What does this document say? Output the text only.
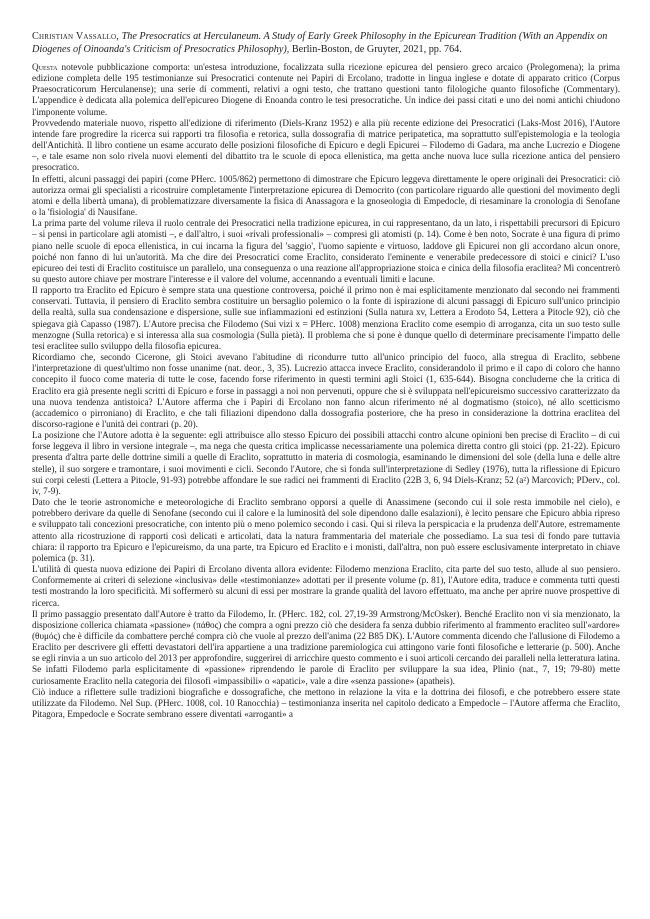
Christian Vassallo, The Presocratics at Herculaneum. A Study of Early Greek Philosophy in the Epicurean Tradition (With an Appendix on Diogenes of Oinoanda's Criticism of Presocratics Philosophy), Berlin-Boston, de Gruyter, 2021, pp. 764.

Questa notevole pubblicazione comporta: un'estesa introduzione, focalizzata sulla ricezione epicurea del pensiero greco arcaico (Prolegomena); la prima edizione completa delle 195 testimonianze sui Presocratici contenute nei Papiri di Ercolano, tradotte in lingua inglese e dotate di apparato critico (Corpus Praesocraticorum Herculanense); una serie di commenti, relativi a ogni testo, che trattano questioni tanto filologiche quanto filosofiche (Commentary). L'appendice è dedicata alla polemica dell'epicureo Diogene di Enoanda contro le tesi presocratiche. Un indice dei passi citati e uno dei nomi antichi chiudono l'imponente volume.

Provvedendo materiale nuovo, rispetto all'edizione di riferimento (Diels-Kranz 1952) e alla più recente edizione dei Presocratici (Laks-Most 2016), l'Autore intende fare progredire la ricerca sui rapporti tra filosofia e retorica, sulla dossografia di matrice peripatetica, ma soprattutto sull'epistemologia e la teologia dell'Antichità. Il libro contiene un esame accurato delle posizioni filosofiche di Epicuro e degli Epicurei – Filodemo di Gadara, ma anche Lucrezio e Diogene –, e tale esame non solo rivela nuovi elementi del dibattito tra le scuole di epoca ellenistica, ma getta anche nuova luce sulla ricezione antica del pensiero presocratico.

In effetti, alcuni passaggi dei papiri (come PHerc. 1005/862) permettono di dimostrare che Epicuro leggeva direttamente le opere originali dei Presocratici: ciò autorizza ormai gli specialisti a ricostruire completamente l'interpretazione epicurea di Democrito (con particolare riguardo alle questioni del movimento degli atomi e della libertà umana), di problematizzare diversamente la fisica di Anassagora e la gnoseologia di Empedocle, di riesaminare la cronologia di Senofane o la 'fisiologia' di Nausifane.

La prima parte del volume rileva il ruolo centrale dei Presocratici nella tradizione epicurea, in cui rappresentano, da un lato, i rispettabili precursori di Epicuro – si pensi in particolare agli atomisti –, e dall'altro, i suoi «rivali professionali» – compresi gli atomisti (p. 14). Come è ben noto, Socrate è una figura di primo piano nelle scuole di epoca ellenistica, in cui incarna la figura del 'saggio', l'uomo sapiente e virtuoso, laddove gli Epicurei non gli accordano alcun onore, poiché non fanno di lui un'autorità. Ma che dire dei Presocratici come Eraclito, considerato l'eminente e venerabile predecessore di stoici e cinici? L'uso epicureo dei testi di Eraclito costituisce un parallelo, una conseguenza o una reazione all'appropriazione stoica e cinica della filosofia eraclitea? Mi concentrerò su questo autore chiave per mostrare l'interesse e il valore del volume, accennando a eventuali limiti e lacune.

Il rapporto tra Eraclito ed Epicuro è sempre stata una questione controversa, poiché il primo non è mai esplicitamente menzionato dal secondo nei frammenti conservati. Tuttavia, il pensiero di Eraclito sembra costituire un bersaglio polemico o la fonte di ispirazione di alcuni passaggi di Epicuro sull'unico principio della realtà, sulla sua condensazione e dispersione, sulle sue infiammazioni ed estinzioni (Sulla natura xv, Lettera a Erodoto 54, Lettera a Pitocle 92), ciò che spiegava già Capasso (1987). L'Autore precisa che Filodemo (Sui vizi x = PHerc. 1008) menziona Eraclito come esempio di arroganza, cita un suo testo sulle menzogne (Sulla retorica) e si interessa alla sua cosmologia (Sulla pietà). Il problema che si pone è dunque quello di determinare precisamente l'impatto delle tesi eraclitee sullo sviluppo della filosofia epicurea.

Ricordiamo che, secondo Cicerone, gli Stoici avevano l'abitudine di ricondurre tutto all'unico principio del fuoco, alla stregua di Eraclito, sebbene l'interpretazione di quest'ultimo non fosse unanime (nat. deor., 3, 35). Lucrezio attacca invece Eraclito, considerandolo il primo e il capo di coloro che hanno concepito il fuoco come materia di tutte le cose, facendo forse riferimento in questi termini agli Stoici (1, 635-644). Bisogna concluderne che la critica di Eraclito era già presente negli scritti di Epicuro e forse in passaggi a noi non pervenuti, oppure che si è sviluppata nell'epicureismo successivo caratterizzato da una nuova tendenza antistoica? L'Autore afferma che i Papiri di Ercolano non fanno alcun riferimento né al dogmatismo (stoico), né allo scetticismo (accademico o pirroniano) di Eraclito, e che tali filiazioni dipendono dalla dossografia posteriore, che ha preso in considerazione la dottrina eraclitea del discorso-ragione e l'unità dei contrari (p. 20).

La posizione che l'Autore adotta è la seguente: egli attribuisce allo stesso Epicuro dei possibili attacchi contro alcune opinioni ben precise di Eraclito – di cui forse leggeva il libro in versione integrale –, ma nega che questa critica implicasse necessariamente una polemica diretta contro gli stoici (pp. 21-22). Epicuro presenta d'altra parte delle dottrine simili a quelle di Eraclito, soprattutto in materia di cosmologia, esaminando le dimensioni del sole (della luna e delle altre stelle), il suo sorgere e tramontare, i suoi movimenti e cicli. Secondo l'Autore, che si fonda sull'interpretazione di Sedley (1976), tutta la riflessione di Epicuro sui corpi celesti (Lettera a Pitocle, 91-93) potrebbe affondare le sue radici nei frammenti di Eraclito (22B 3, 6, 94 Diels-Kranz; 52 (a²) Marcovich; PDerv., col. iv, 7-9).

Dato che le teorie astronomiche e meteorologiche di Eraclito sembrano opporsi a quelle di Anassimene (secondo cui il sole resta immobile nel cielo), e potrebbero derivare da quelle di Senofane (secondo cui il calore e la luminosità del sole dipendono dalle esalazioni), è lecito pensare che Epicuro abbia ripreso e sviluppato tali concezioni presocratiche, con intento più o meno polemico secondo i casi. Qui si rileva la perspicacia e la prudenza dell'Autore, estremamente attento alla ricostruzione di rapporti così delicati e articolati, data la natura frammentaria del materiale che possediamo. La sua tesi di fondo pare tuttavia chiara: il rapporto tra Epicuro e l'epicureismo, da una parte, tra Epicuro ed Eraclito e i monisti, dall'altra, non può essere esclusivamente interpretato in chiave polemica (p. 31).

L'utilità di questa nuova edizione dei Papiri di Ercolano diventa allora evidente: Filodemo menziona Eraclito, cita parte del suo testo, allude al suo pensiero. Conformemente ai criteri di selezione «inclusiva» delle «testimonianze» adottati per il presente volume (p. 81), l'Autore edita, traduce e commenta tutti questi testi mostrando la loro specificità. Mi soffermerò su alcuni di essi per mostrare la grande qualità del lavoro effettuato, ma anche per aprire nuove prospettive di ricerca.

Il primo passaggio presentato dall'Autore è tratto da Filodemo, Ir. (PHerc. 182, col. 27,19-39 Armstrong/McOsker). Benché Eraclito non vi sia menzionato, la disposizione collerica chiamata «passione» (πάθος) che compra a ogni prezzo ciò che desidera fa senza dubbio riferimento al frammento eracliteo sull'«ardore» (θυμός) che è difficile da combattere perché compra ciò che vuole al prezzo dell'anima (22 B85 DK). L'Autore commenta dicendo che l'allusione di Filodemo a Eraclito per descrivere gli effetti devastatori dell'ira appartiene a una tradizione paremiologica cui attingono varie fonti filosofiche e letterarie (p. 500). Anche se egli rinvia a un suo articolo del 2013 per approfondire, suggerirei di arricchire questo commento e i suoi articoli cercando dei paralleli nella letteratura latina. Se infatti Filodemo parla esplicitamente di «passione» riprendendo le parole di Eraclito per sviluppare la sua idea, Plinio (nat., 7, 19; 79-80) mette curiosamente Eraclito nella categoria dei filosofi «impassibili» o «apatici», vale a dire «senza passione» (apatheis).

Ciò induce a riflettere sulle tradizioni biografiche e dossografiche, che mettono in relazione la vita e la dottrina dei filosofi, e che potrebbero essere state utilizzate da Filodemo. Nel Sup. (PHerc. 1008, col. 10 Ranocchia) – testimonianza inserita nel capitolo dedicato a Empedocle – l'Autore afferma che Eraclito, Pitagora, Empedocle e Socrate sembrano essere diventati «arroganti» a
